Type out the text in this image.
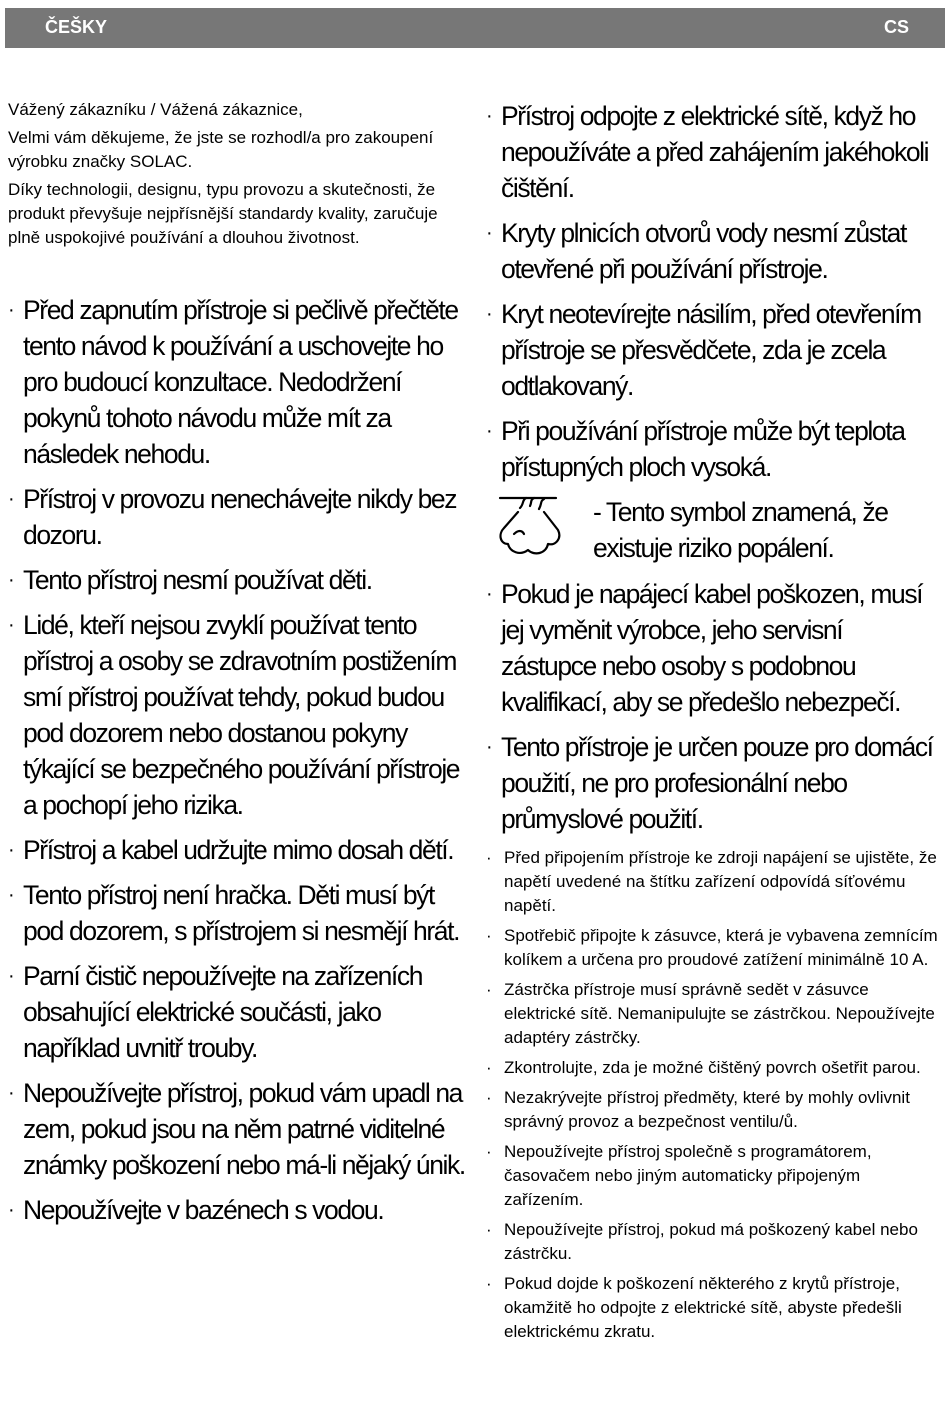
ČEŠKY	CS

Vážený zákazníku / Vážená zákaznice,

Velmi vám děkujeme, že jste se rozhodl/a pro zakoupení výrobku značky SOLAC.

Díky technologii, designu, typu provozu a skutečnosti, že produkt převyšuje nejpřísnější standardy kvality, zaručuje plně uspokojivé používání a dlouhou životnost.

· Před zapnutím přístroje si pečlivě přečtěte tento návod k používání a uschovejte ho pro budoucí konzultace. Nedodržení pokynů tohoto návodu může mít za následek nehodu.
· Přístroj v provozu nenechávejte nikdy bez dozoru.
· Tento přístroj nesmí používat děti.
· Lidé, kteří nejsou zvyklí používat tento přístroj a osoby se zdravotním postižením smí přístroj používat tehdy, pokud budou pod dozorem nebo dostanou pokyny týkající se bezpečného používání přístroje a pochopí jeho rizika.
· Přístroj a kabel udržujte mimo dosah dětí.
· Tento přístroj není hračka. Děti musí být pod dozorem, s přístrojem si nesmějí hrát.
· Parní čistič nepoužívejte na zařízeních obsahující elektrické součásti, jako například uvnitř trouby.
· Nepoužívejte přístroj, pokud vám upadl na zem, pokud jsou na něm patrné viditelné známky poškození nebo má-li nějaký únik.
· Nepoužívejte v bazénech s vodou.
· Přístroj odpojte z elektrické sítě, když ho nepoužíváte a před zahájením jakéhokoli čištění.
· Kryty plnicích otvorů vody nesmí zůstat otevřené při používání přístroje.
· Kryt neotevírejte násilím, před otevřením přístroje se přesvědčete, zda je zcela odtlakovaný.
· Při používání přístroje může být teplota přístupných ploch vysoká.
- Tento symbol znamená, že existuje riziko popálení.
· Pokud je napájecí kabel poškozen, musí jej vyměnit výrobce, jeho servisní zástupce nebo osoby s podobnou kvalifikací, aby se předešlo nebezpečí.
· Tento přístroje je určen pouze pro domácí použití, ne pro profesionální nebo průmyslové použití.
· Před připojením přístroje ke zdroji napájení se ujistěte, že napětí uvedené na štítku zařízení odpovídá síťovému napětí.
· Spotřebič připojte k zásuvce, která je vybavena zemnícím kolíkem a určena pro proudové zatížení minimálně 10 A.
· Zástrčka přístroje musí správně sedět v zásuvce elektrické sítě. Nemanipulujte se zástrčkou. Nepoužívejte adaptéry zástrčky.
· Zkontrolujte, zda je možné čištěný povrch ošetřit parou.
· Nezakrývejte přístroj předměty, které by mohly ovlivnit správný provoz a bezpečnost ventilu/ů.
· Nepoužívejte přístroj společně s programátorem, časovačem nebo jiným automaticky připojeným zařízením.
· Nepoužívejte přístroj, pokud má poškozený kabel nebo zástrčku.
· Pokud dojde k poškození některého z krytů přístroje, okamžitě ho odpojte z elektrické sítě, abyste předešli elektrickému zkratu.
